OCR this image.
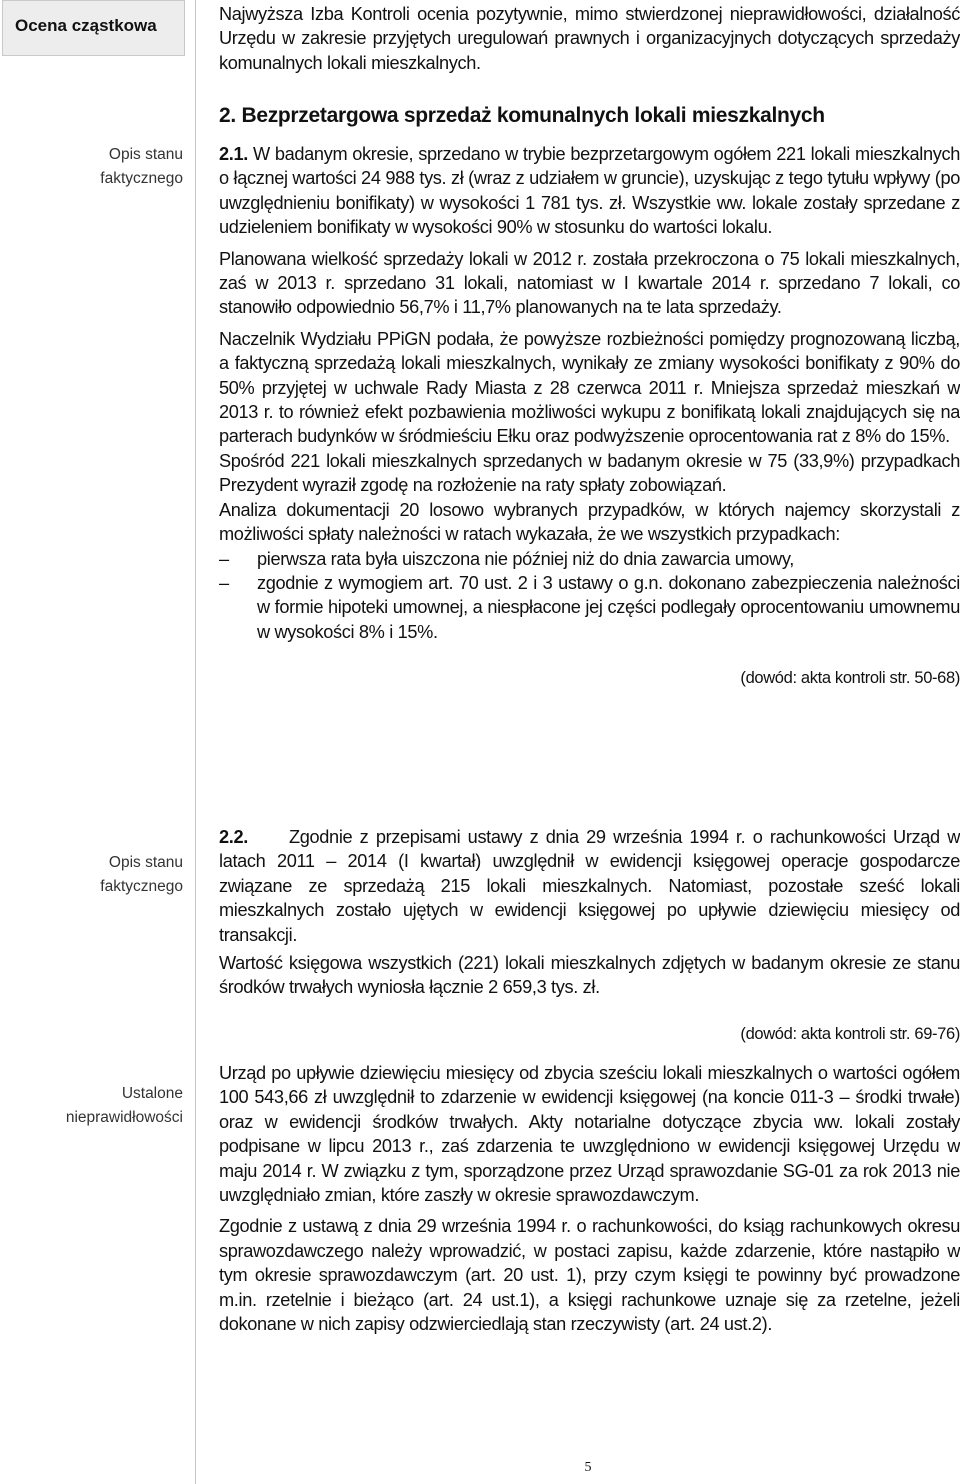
Ocena cząstkowa
Opis stanu
faktycznego
Opis stanu
faktycznego
Ustalone
nieprawidłowości

Najwyższa Izba Kontroli ocenia pozytywnie, mimo stwierdzonej nieprawidłowości, działalność Urzędu w zakresie przyjętych uregulowań prawnych i organizacyjnych dotyczących sprzedaży komunalnych lokali mieszkalnych.

2. Bezprzetargowa sprzedaż komunalnych lokali mieszkalnych

2.1. W badanym okresie, sprzedano w trybie bezprzetargowym ogółem 221 lokali mieszkalnych o łącznej wartości 24 988 tys. zł (wraz z udziałem w gruncie), uzyskując z tego tytułu wpływy (po uwzględnieniu bonifikaty) w wysokości 1 781 tys. zł. Wszystkie ww. lokale zostały sprzedane z udzieleniem bonifikaty w wysokości 90% w stosunku do wartości lokalu.

Planowana wielkość sprzedaży lokali w 2012 r. została przekroczona o 75 lokali mieszkalnych, zaś w 2013 r. sprzedano 31 lokali, natomiast w I kwartale 2014 r. sprzedano 7 lokali, co stanowiło odpowiednio 56,7% i 11,7% planowanych na te lata sprzedaży.

Naczelnik Wydziału PPiGN podała, że powyższe rozbieżności pomiędzy prognozowaną liczbą, a faktyczną sprzedażą lokali mieszkalnych, wynikały ze zmiany wysokości bonifikaty z 90% do 50% przyjętej w uchwale Rady Miasta z 28 czerwca 2011 r. Mniejsza sprzedaż mieszkań w 2013 r. to również efekt pozbawienia możliwości wykupu z bonifikatą lokali znajdujących się na parterach budynków w śródmieściu Ełku oraz podwyższenie oprocentowania rat z 8% do 15%.

Spośród 221 lokali mieszkalnych sprzedanych w badanym okresie w 75 (33,9%) przypadkach Prezydent wyraził zgodę na rozłożenie na raty spłaty zobowiązań.

Analiza dokumentacji 20 losowo wybranych przypadków, w których najemcy skorzystali z możliwości spłaty należności w ratach wykazała, że we wszystkich przypadkach:

– pierwsza rata była uiszczona nie później niż do dnia zawarcia umowy,
– zgodnie z wymogiem art. 70 ust. 2 i 3 ustawy o g.n. dokonano zabezpieczenia należności w formie hipoteki umownej, a niespłacone jej części podlegały oprocentowaniu umownemu w wysokości 8% i 15%.

(dowód: akta kontroli str. 50-68)

2.2. Zgodnie z przepisami ustawy z dnia 29 września 1994 r. o rachunkowości Urząd w latach 2011 – 2014 (I kwartał) uwzględnił w ewidencji księgowej operacje gospodarcze związane ze sprzedażą 215 lokali mieszkalnych. Natomiast, pozostałe sześć lokali mieszkalnych zostało ujętych w ewidencji księgowej po upływie dziewięciu miesięcy od transakcji.

Wartość księgowa wszystkich (221) lokali mieszkalnych zdjętych w badanym okresie ze stanu środków trwałych wyniosła łącznie 2 659,3 tys. zł.

(dowód: akta kontroli str. 69-76)

Urząd po upływie dziewięciu miesięcy od zbycia sześciu lokali mieszkalnych o wartości ogółem 100 543,66 zł uwzględnił to zdarzenie w ewidencji księgowej (na koncie 011-3 – środki trwałe) oraz w ewidencji środków trwałych. Akty notarialne dotyczące zbycia ww. lokali zostały podpisane w lipcu 2013 r., zaś zdarzenia te uwzględniono w ewidencji księgowej Urzędu w maju 2014 r. W związku z tym, sporządzone przez Urząd sprawozdanie SG-01 za rok 2013 nie uwzględniało zmian, które zaszły w okresie sprawozdawczym.

Zgodnie z ustawą z dnia 29 września 1994 r. o rachunkowości, do ksiąg rachunkowych okresu sprawozdawczego należy wprowadzić, w postaci zapisu, każde zdarzenie, które nastąpiło w tym okresie sprawozdawczym (art. 20 ust. 1), przy czym księgi te powinny być prowadzone m.in. rzetelnie i bieżąco (art. 24 ust.1), a księgi rachunkowe uznaje się za rzetelne, jeżeli dokonane w nich zapisy odzwierciedlają stan rzeczywisty (art. 24 ust.2).

5
